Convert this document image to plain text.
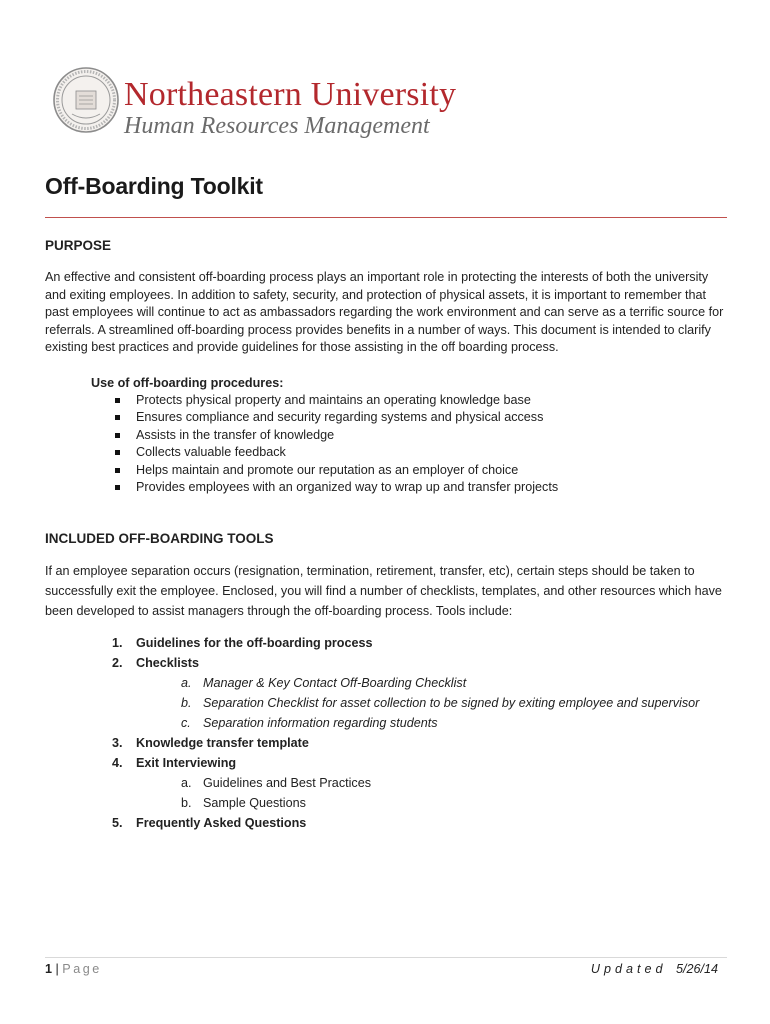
Northeastern University
Human Resources Management
Off-Boarding Toolkit
PURPOSE

An effective and consistent off-boarding process plays an important role in protecting the interests of both the university and exiting employees. In addition to safety, security, and protection of physical assets, it is important to remember that past employees will continue to act as ambassadors regarding the work environment and can serve as a terrific source for referrals. A streamlined off-boarding process provides benefits in a number of ways. This document is intended to clarify existing best practices and provide guidelines for those assisting in the off boarding process.

Use of off-boarding procedures:
Protects physical property and maintains an operating knowledge base
Ensures compliance and security regarding systems and physical access
Assists in the transfer of knowledge
Collects valuable feedback
Helps maintain and promote our reputation as an employer of choice
Provides employees with an organized way to wrap up and transfer projects
INCLUDED OFF-BOARDING TOOLS

If an employee separation occurs (resignation, termination, retirement, transfer, etc), certain steps should be taken to successfully exit the employee. Enclosed, you will find a number of checklists, templates, and other resources which have been developed to assist managers through the off-boarding process. Tools include:

1. Guidelines for the off-boarding process
2. Checklists
a. Manager & Key Contact Off-Boarding Checklist
b. Separation Checklist for asset collection to be signed by exiting employee and supervisor
c. Separation information regarding students
3. Knowledge transfer template
4. Exit Interviewing
a. Guidelines and Best Practices
b. Sample Questions
5. Frequently Asked Questions
1 | Page	Updated 5/26/14
